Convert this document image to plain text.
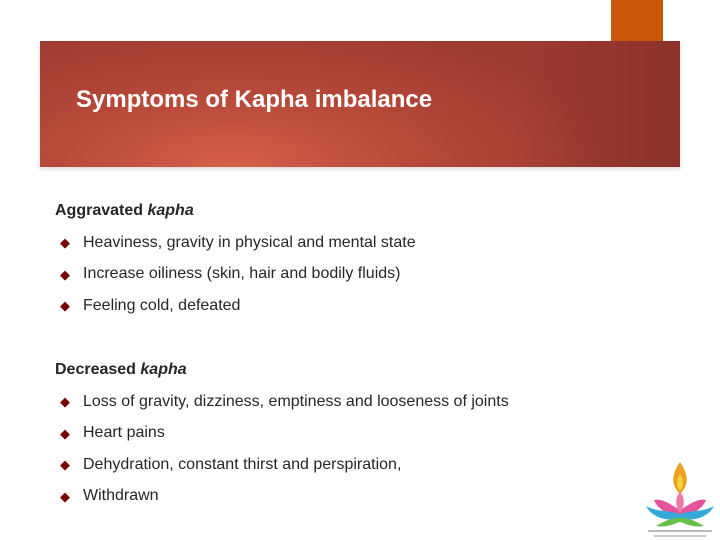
Symptoms of Kapha imbalance

Aggravated kapha

◆ Heaviness, gravity in physical and mental state
◆ Increase oiliness (skin, hair and bodily fluids)
◆ Feeling cold, defeated

Decreased kapha

◆ Loss of gravity, dizziness, emptiness and looseness of joints
◆ Heart pains
◆ Dehydration, constant thirst and perspiration,
◆ Withdrawn
